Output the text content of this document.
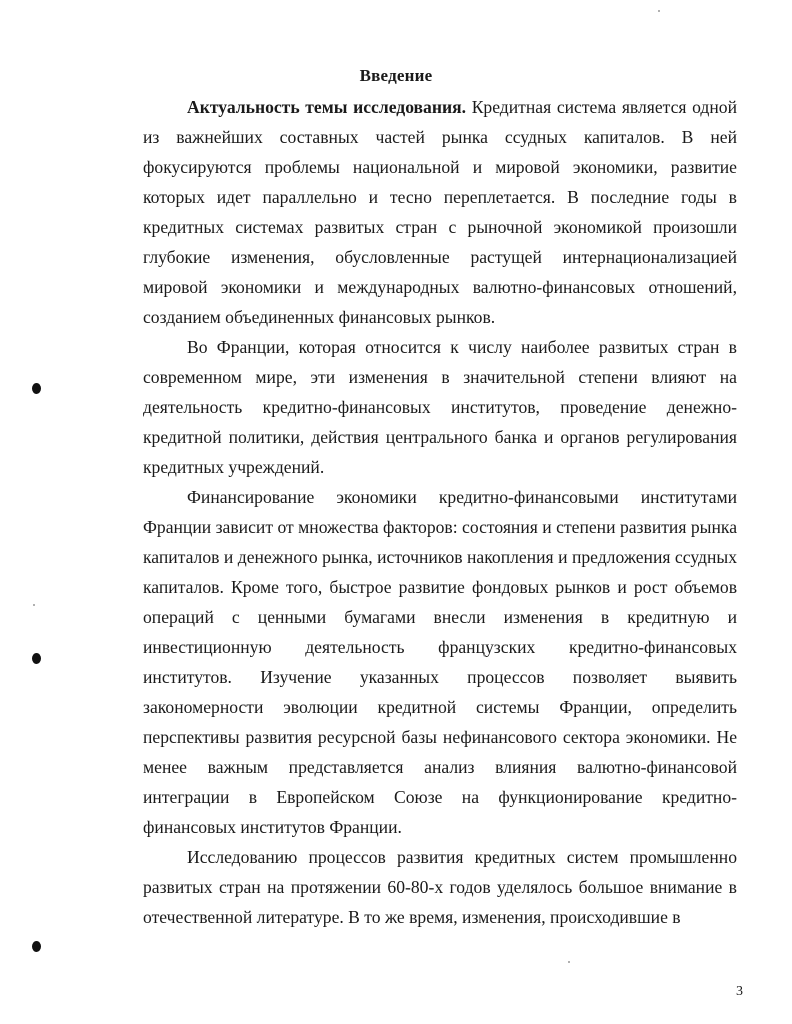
Введение

Актуальность темы исследования. Кредитная система является одной из важнейших составных частей рынка ссудных капиталов. В ней фокусируются проблемы национальной и мировой экономики, развитие которых идет параллельно и тесно переплетается. В последние годы в кредитных системах развитых стран с рыночной экономикой произошли глубокие изменения, обусловленные растущей интернационализацией мировой экономики и международных валютно-финансовых отношений, созданием объединенных финансовых рынков.

Во Франции, которая относится к числу наиболее развитых стран в современном мире, эти изменения в значительной степени влияют на деятельность кредитно-финансовых институтов, проведение денежно-кредитной политики, действия центрального банка и органов регулирования кредитных учреждений.

Финансирование экономики кредитно-финансовыми институтами Франции зависит от множества факторов: состояния и степени развития рынка капиталов и денежного рынка, источников накопления и предложения ссудных капиталов. Кроме того, быстрое развитие фондовых рынков и рост объемов операций с ценными бумагами внесли изменения в кредитную и инвестиционную деятельность французских кредитно-финансовых институтов. Изучение указанных процессов позволяет выявить закономерности эволюции кредитной системы Франции, определить перспективы развития ресурсной базы нефинансового сектора экономики. Не менее важным представляется анализ влияния валютно-финансовой интеграции в Европейском Союзе на функционирование кредитно-финансовых институтов Франции.

Исследованию процессов развития кредитных систем промышленно развитых стран на протяжении 60-80-х годов уделялось большое внимание в отечественной литературе. В то же время, изменения, происходившие в

3
